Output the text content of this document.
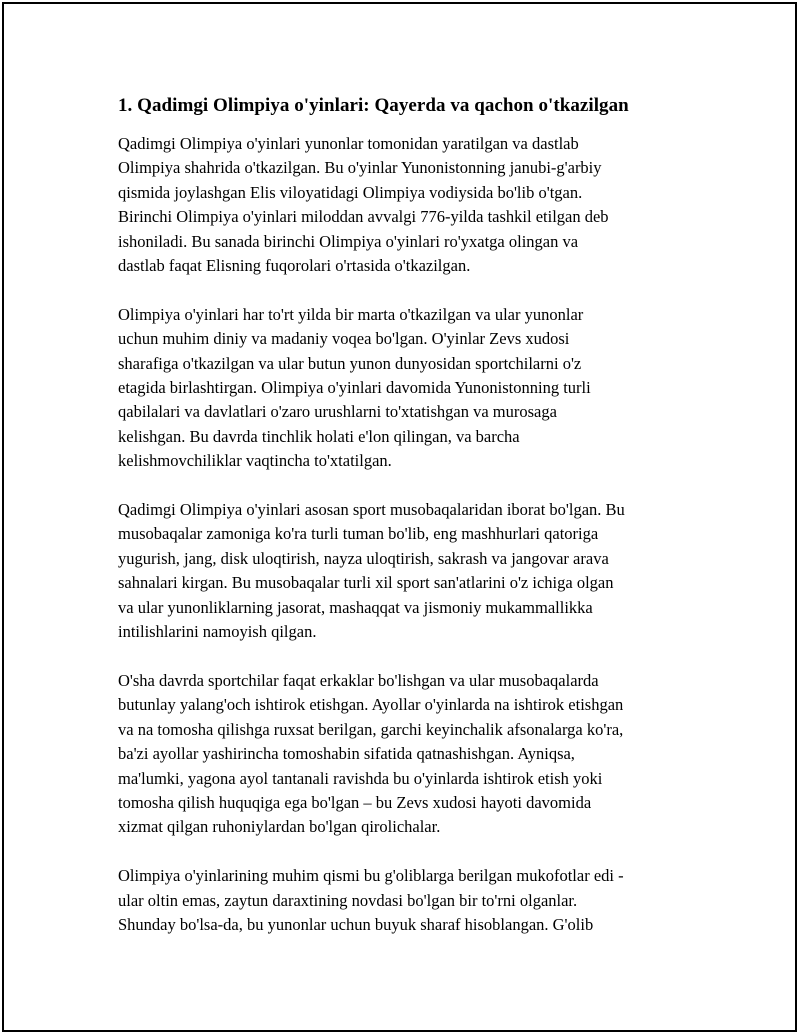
1. Qadimgi Olimpiya o'yinlari: Qayerda va qachon o'tkazilgan

Qadimgi Olimpiya o'yinlari yunonlar tomonidan yaratilgan va dastlab
Olimpiya shahrida o'tkazilgan. Bu o'yinlar Yunonistonning janubi-g'arbiy
qismida joylashgan Elis viloyatidagi Olimpiya vodiysida bo'lib o'tgan.
Birinchi Olimpiya o'yinlari miloddan avvalgi 776-yilda tashkil etilgan deb
ishoniladi. Bu sanada birinchi Olimpiya o'yinlari ro'yxatga olingan va
dastlab faqat Elisning fuqorolari o'rtasida o'tkazilgan.

Olimpiya o'yinlari har to'rt yilda bir marta o'tkazilgan va ular yunonlar
uchun muhim diniy va madaniy voqea bo'lgan. O'yinlar Zevs xudosi
sharafiga o'tkazilgan va ular butun yunon dunyosidan sportchilarni o'z
etagida birlashtirgan. Olimpiya o'yinlari davomida Yunonistonning turli
qabilalari va davlatlari o'zaro urushlarni to'xtatishgan va murosaga
kelishgan. Bu davrda tinchlik holati e'lon qilingan, va barcha
kelishmovchiliklar vaqtincha to'xtatilgan.

Qadimgi Olimpiya o'yinlari asosan sport musobaqalaridan iborat bo'lgan. Bu
musobaqalar zamoniga ko'ra turli tuman bo'lib, eng mashhurlari qatoriga
yugurish, jang, disk uloqtirish, nayza uloqtirish, sakrash va jangovar arava
sahnalari kirgan. Bu musobaqalar turli xil sport san'atlarini o'z ichiga olgan
va ular yunonliklarning jasorat, mashaqqat va jismoniy mukammallikka
intilishlarini namoyish qilgan.

O'sha davrda sportchilar faqat erkaklar bo'lishgan va ular musobaqalarda
butunlay yalang'och ishtirok etishgan. Ayollar o'yinlarda na ishtirok etishgan
va na tomosha qilishga ruxsat berilgan, garchi keyinchalik afsonalarga ko'ra,
ba'zi ayollar yashirincha tomoshabin sifatida qatnashishgan. Ayniqsa,
ma'lumki, yagona ayol tantanali ravishda bu o'yinlarda ishtirok etish yoki
tomosha qilish huquqiga ega bo'lgan – bu Zevs xudosi hayoti davomida
xizmat qilgan ruhoniylardan bo'lgan qirolichalar.

Olimpiya o'yinlarining muhim qismi bu g'oliblarga berilgan mukofotlar edi -
ular oltin emas, zaytun daraxtining novdasi bo'lgan bir to'rni olganlar.
Shunday bo'lsa-da, bu yunonlar uchun buyuk sharaf hisoblangan. G'olib
